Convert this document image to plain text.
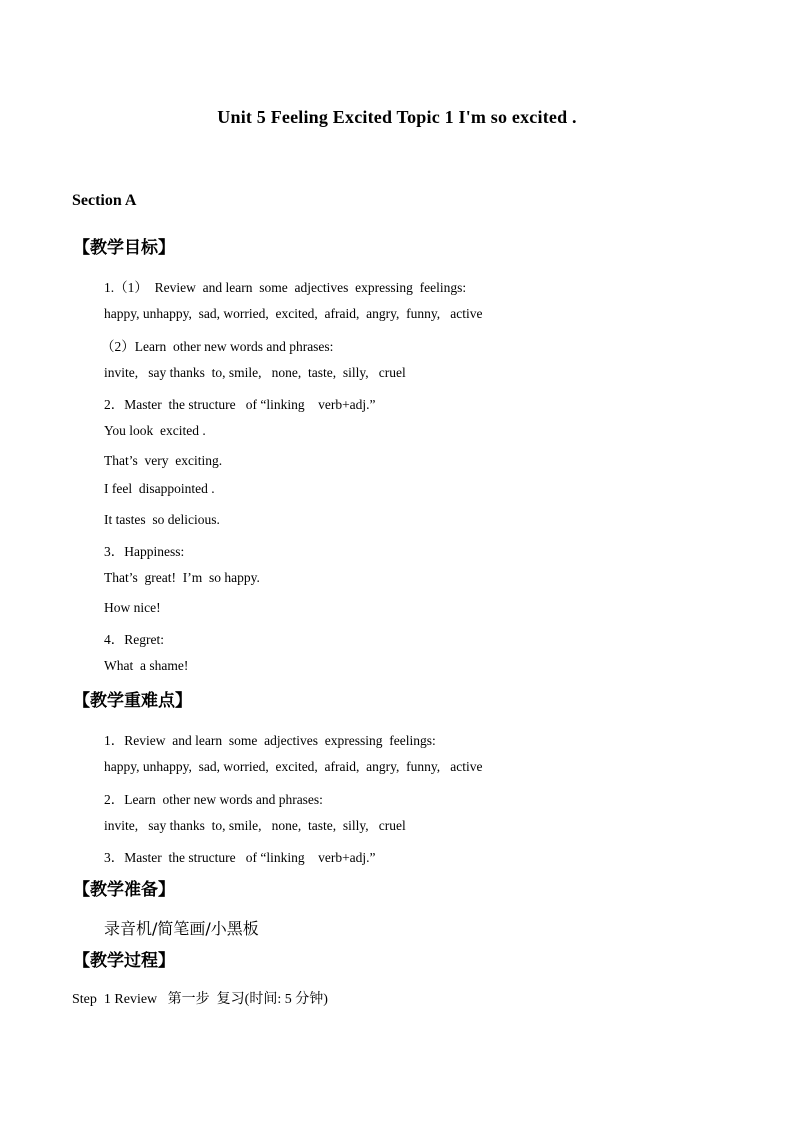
Unit 5 Feeling Excited Topic 1 I'm so excited .
Section A
【教学目标】
1.（1）  Review  and learn  some  adjectives  expressing  feelings:
happy, unhappy,  sad, worried,  excited,  afraid,  angry,  funny,   active
（2）Learn  other new words and phrases:
invite,   say thanks  to, smile,   none,  taste,  silly,   cruel
2．Master  the structure   of “linking    verb+adj.”
You look  excited .
That’s  very  exciting.
I feel  disappointed .
It tastes  so delicious.
3．Happiness:
That’s  great!  I’m  so happy.
How nice!
4．Regret:
What  a shame!
【教学重难点】
1．Review  and learn  some  adjectives  expressing  feelings:
happy, unhappy,  sad, worried,  excited,  afraid,  angry,  funny,   active
2．Learn  other new words and phrases:
invite,   say thanks  to, smile,   none,  taste,  silly,   cruel
3．Master  the structure   of “linking    verb+adj.”
【教学准备】
录音机/简笔画/小黑板
【教学过程】
Step  1 Review   第一步  复习(时间: 5 分钟)
